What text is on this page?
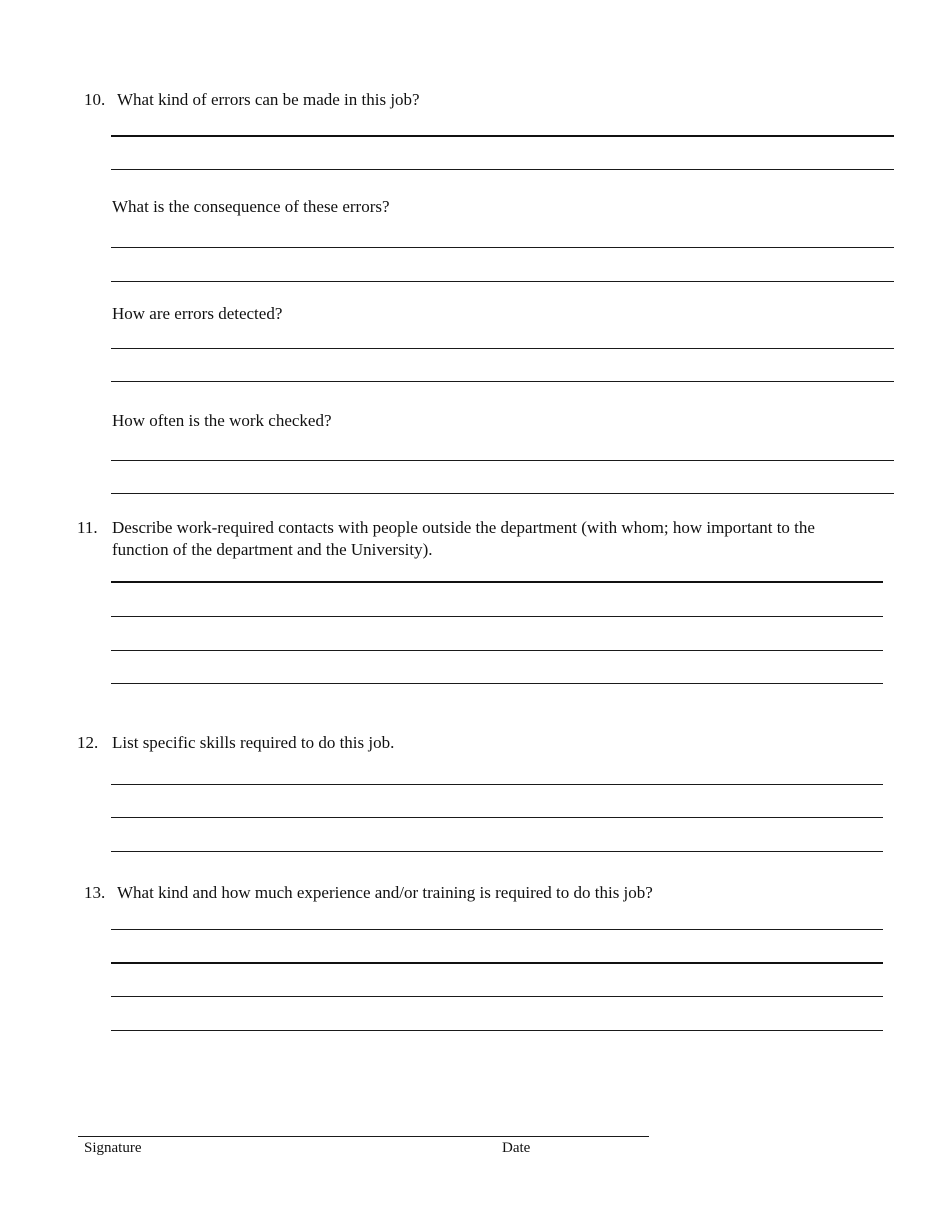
10. What kind of errors can be made in this job?
What is the consequence of these errors?
How are errors detected?
How often is the work checked?
11. Describe work-required contacts with people outside the department (with whom; how important to the
function of the department and the University).
12. List specific skills required to do this job.
13. What kind and how much experience and/or training is required to do this job?
Signature	Date
